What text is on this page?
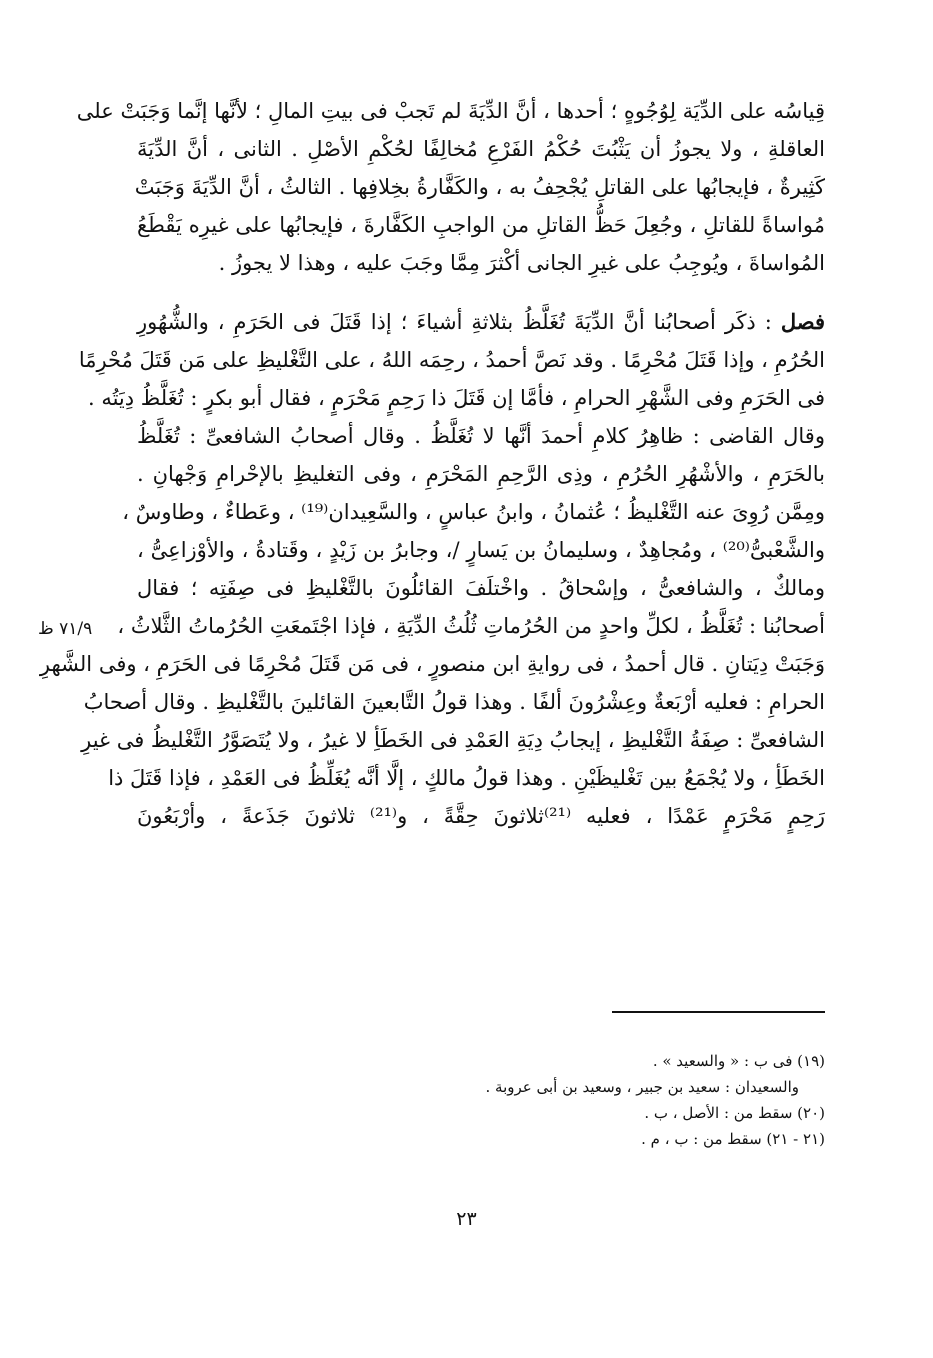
قِياسُه على الدِّيَة لِوُجُوهٍ ؛ أحدها ، أنَّ الدِّيَةَ لم تَجبْ فى بيتِ المالِ ؛ لأنَّها إنَّما وَجَبَتْ على
العاقلةِ ، ولا يجوزُ أن يَثْبُتَ حُكْمُ الفَرْعِ مُخالِفًا لحُكْمِ الأصْلِ . الثانى ، أنَّ الدِّيَةَ
كَثِيرةٌ ، فإيجابُها على القاتلِ يُجْحِفُ به ، والكَفَّارةُ بخِلافِها . الثالثُ ، أنَّ الدِّيَةَ وَجَبَتْ
مُواساةً للقاتلِ ، وجُعِلَ حَظُّ القاتلِ من الواجبِ الكَفَّارةَ ، فإيجابُها على غيرِه يَقْطَعُ
المُواساةَ ، ويُوجِبُ على غيرِ الجانى أكْثرَ مِمَّا وجَبَ عليه ، وهذا لا يجوزُ .
فصل : ذكَر أصحابُنا أنَّ الدِّيَةَ تُغَلَّظُ بثلاثةِ أشياءَ ؛ إذا قَتَلَ فى الحَرَمِ ، والشُّهُورِ
الحُرُمِ ، وإذا قَتَلَ مُحْرِمًا . وقد نَصَّ أحمدُ ، رحِمَه اللهُ ، على التَّغْليظِ على مَن قَتَلَ مُحْرِمًا
فى الحَرَمِ وفى الشَّهْرِ الحرامِ ، فأمَّا إن قَتَلَ ذا رَحِمٍ مَحْرَمٍ ، فقال أبو بكرٍ : تُغَلَّظُ دِيَتُه .
وقال القاضى : ظاهِرُ كلامِ أحمدَ أنَّها لا تُغَلَّظُ . وقال أصحابُ الشافعىِّ : تُغَلَّظُ
بالحَرَمِ ، والأشْهُرِ الحُرُمِ ، وذِى الرَّحِمِ المَحْرَمِ ، وفى التغليظِ بالإحْرامِ وَجْهانِ .
ومِمَّن رُوِىَ عنه التَّغْليظُ ؛ عُثمانُ ، وابنُ عباسٍ ، والسَّعِيدان⁽¹⁹⁾ ، وعَطاءٌ ، وطاوسٌ ،
والشَّعْبىُّ⁽²⁰⁾ ، ومُجاهِدٌ ، وسليمانُ بن يَسارٍ /، وجابرُ بن زَيْدٍ ، وقَتادةُ ، والأوْزاعِىُّ ،
ومالكٌ ، والشافعىُّ ، وإسْحاقُ . واخْتلَفَ القائلُونَ بالتَّغْليظِ فى صِفَتِه ؛ فقال
أصحابُنا : تُغَلَّظُ ، لكلِّ واحدٍ من الحُرُماتِ ثُلُثُ الدِّيَةِ ، فإذا اجْتَمعَتِ الحُرُماتُ الثَّلاثُ ،
وَجَبَتْ دِيَتانِ . قال أحمدُ ، فى روايةِ ابن منصورٍ ، فى مَن قَتَلَ مُحْرِمًا فى الحَرَمِ ، وفى الشَّهرِ
الحرامِ : فعليه أرْبَعةٌ وعِشْرُونَ ألفًا . وهذا قولُ التَّابعينَ القائلينَ بالتَّغْليظِ . وقال أصحابُ
الشافعىِّ : صِفَةُ التَّغْليظِ ، إيجابُ دِيَةِ العَمْدِ فى الخَطَأِ لا غيرُ ، ولا يُتَصَوَّرُ التَّغْليظُ فى غيرِ
الخَطَأِ ، ولا يُجْمَعُ بين تَغْليظَيْنِ . وهذا قولُ مالكٍ ، إلَّا أنَّه يُغَلِّظُ فى العَمْدِ ، فإذا قَتَلَ ذا
رَحِمٍ مَحْرَمٍ عَمْدًا ، فعليه ⁽²¹⁾ثلاثونَ حِقَّةً ، و⁽²¹⁾ ثلاثونَ جَذَعةً ، وأرْبَعُونَ
٧١/٩ ظ
(١٩) فى ب : « والسعيد » .
والسعيدان : سعيد بن جبير ، وسعيد بن أبى عروبة .
(٢٠) سقط من : الأصل ، ب .
(٢١ - ٢١) سقط من : ب ، م .
٢٣
